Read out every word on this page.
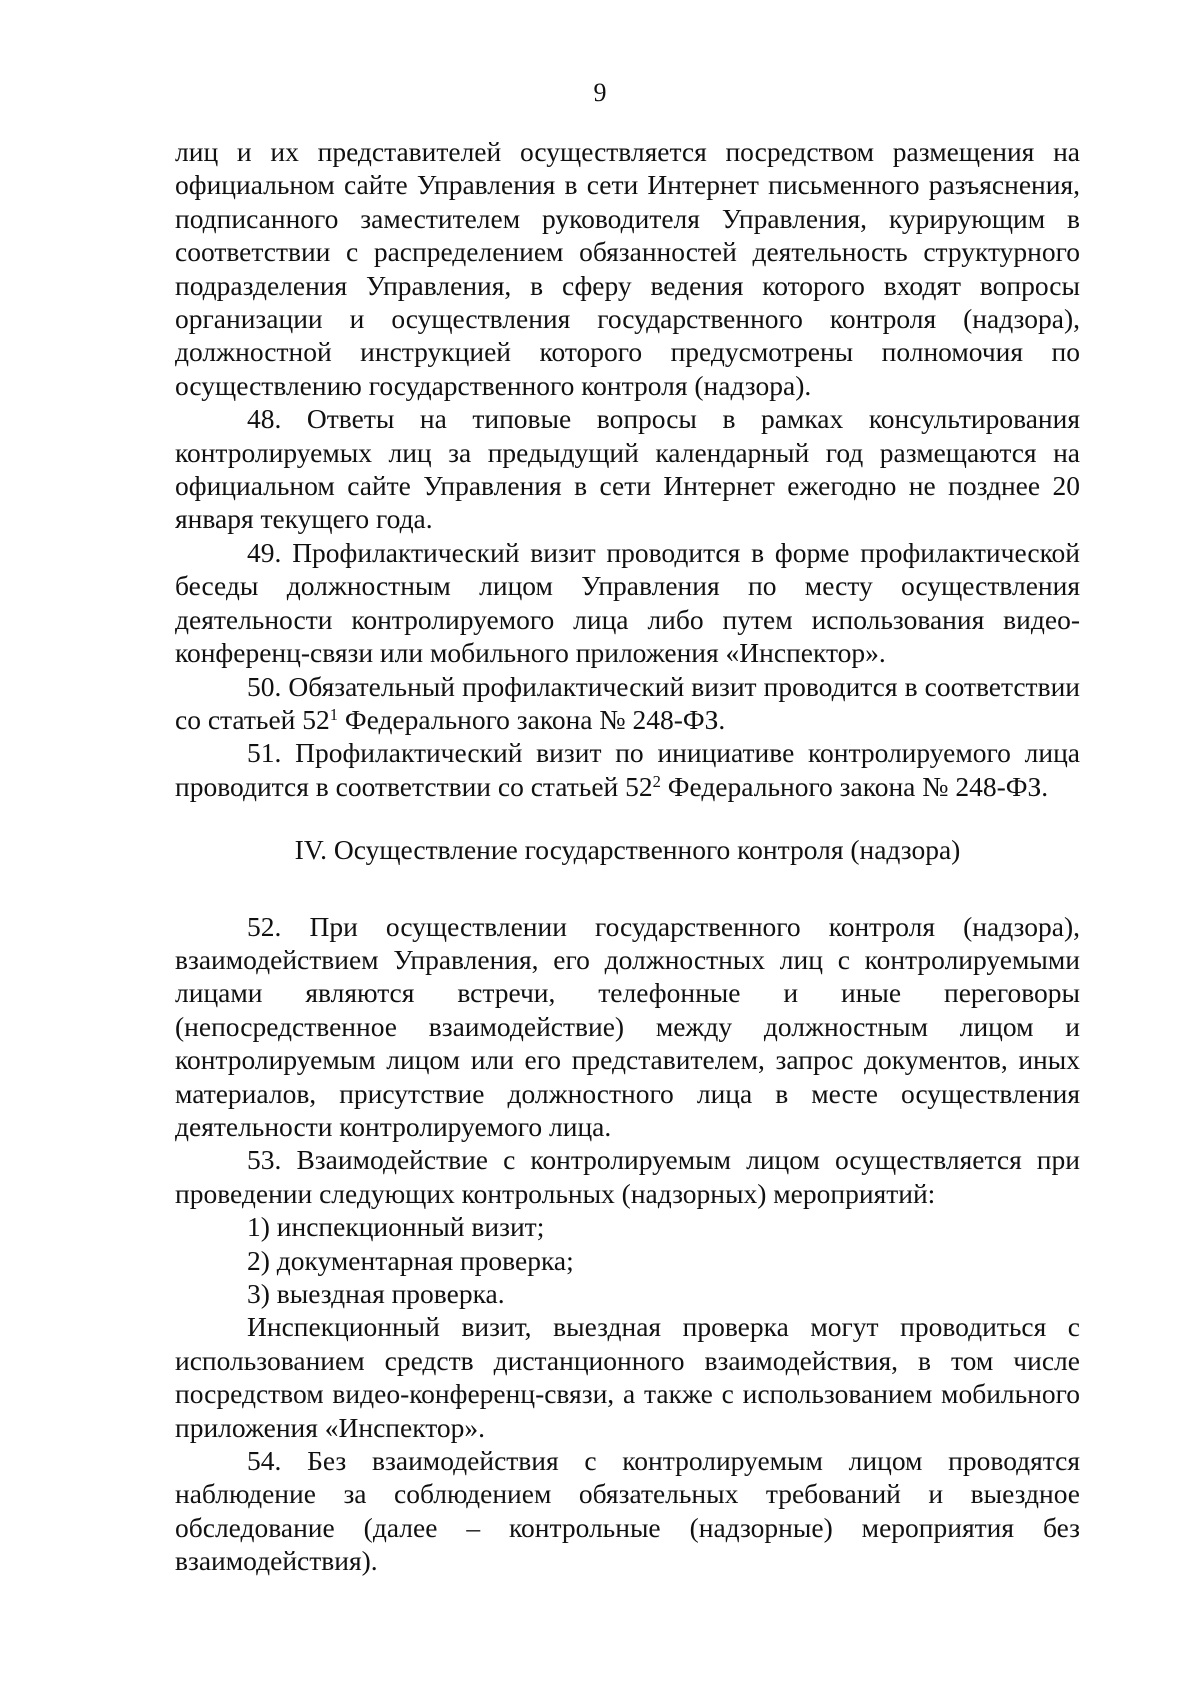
9

лиц и их представителей осуществляется посредством размещения на официальном сайте Управления в сети Интернет письменного разъяснения, подписанного заместителем руководителя Управления, курирующим в соответствии с распределением обязанностей деятельность структурного подразделения Управления, в сферу ведения которого входят вопросы организации и осуществления государственного контроля (надзора), должностной инструкцией которого предусмотрены полномочия по осуществлению государственного контроля (надзора).

48. Ответы на типовые вопросы в рамках консультирования контролируемых лиц за предыдущий календарный год размещаются на официальном сайте Управления в сети Интернет ежегодно не позднее 20 января текущего года.

49. Профилактический визит проводится в форме профилактической беседы должностным лицом Управления по месту осуществления деятельности контролируемого лица либо путем использования видео-конференц-связи или мобильного приложения «Инспектор».

50. Обязательный профилактический визит проводится в соответствии со статьей $52^1$ Федерального закона № 248-ФЗ.

51. Профилактический визит по инициативе контролируемого лица проводится в соответствии со статьей $52^2$ Федерального закона № 248-ФЗ.

IV. Осуществление государственного контроля (надзора)

52. При осуществлении государственного контроля (надзора), взаимодействием Управления, его должностных лиц с контролируемыми лицами являются встречи, телефонные и иные переговоры (непосредственное взаимодействие) между должностным лицом и контролируемым лицом или его представителем, запрос документов, иных материалов, присутствие должностного лица в месте осуществления деятельности контролируемого лица.

53. Взаимодействие с контролируемым лицом осуществляется при проведении следующих контрольных (надзорных) мероприятий:

1) инспекционный визит;

2) документарная проверка;

3) выездная проверка.

Инспекционный визит, выездная проверка могут проводиться с использованием средств дистанционного взаимодействия, в том числе посредством видео-конференц-связи, а также с использованием мобильного приложения «Инспектор».

54. Без взаимодействия с контролируемым лицом проводятся наблюдение за соблюдением обязательных требований и выездное обследование (далее – контрольные (надзорные) мероприятия без взаимодействия).
